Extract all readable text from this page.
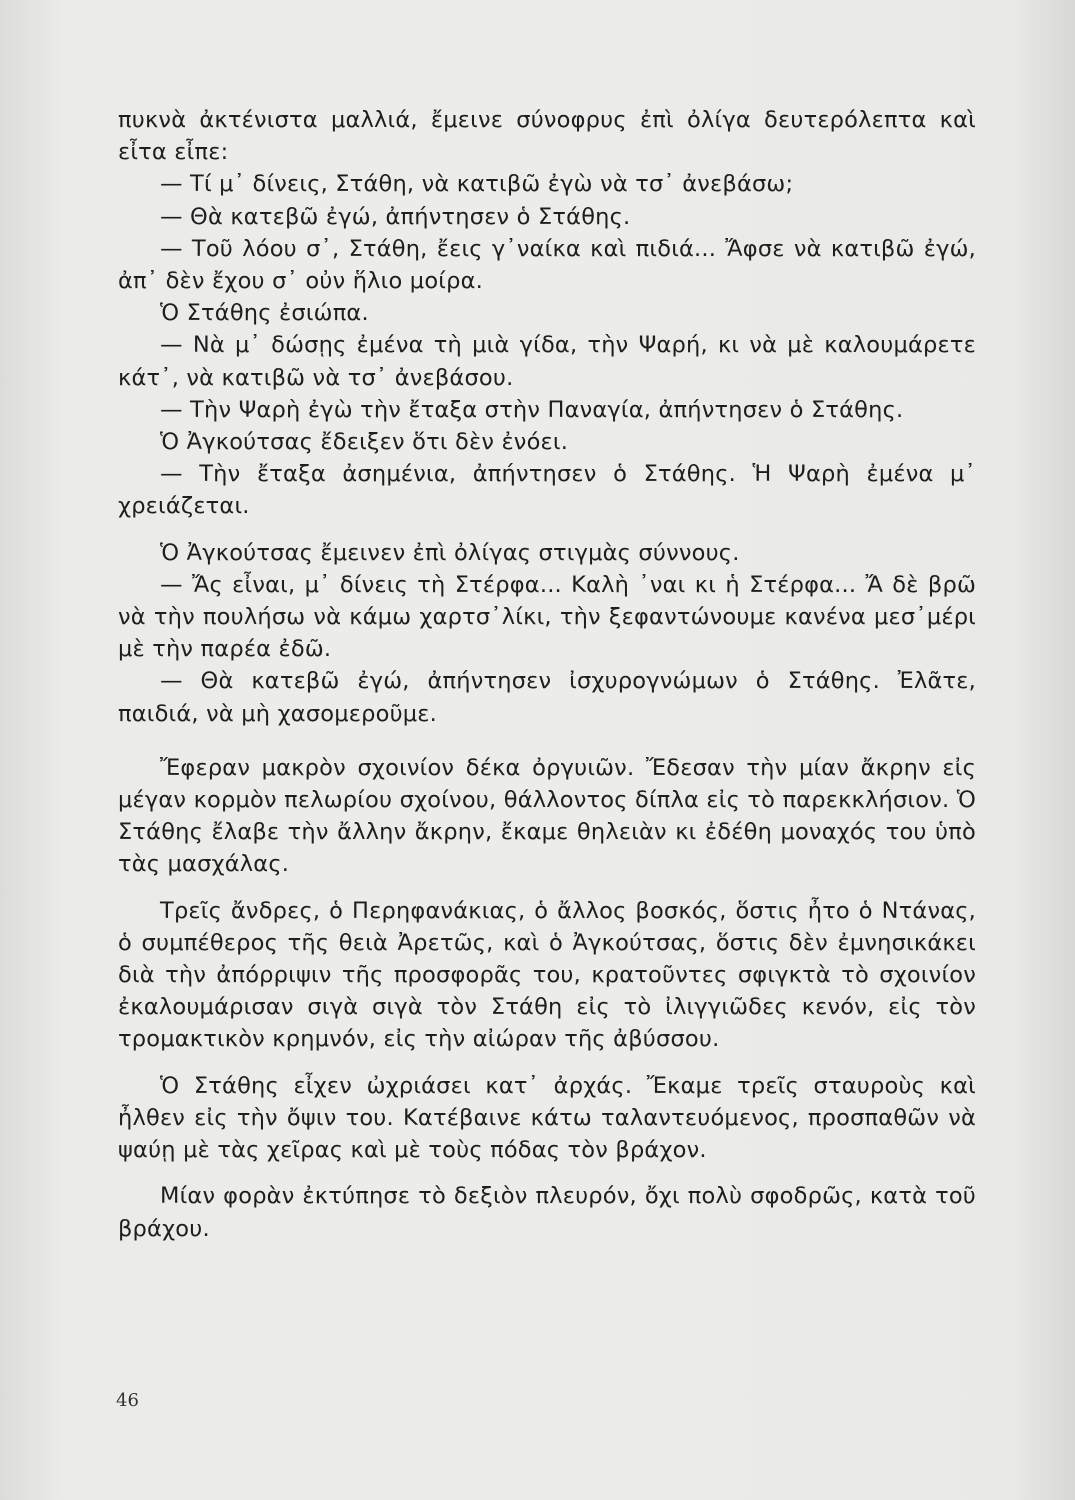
πυκνὰ ἀκτένιστα μαλλιά, ἔμεινε σύνοφρυς ἐπὶ ὀλίγα δευτερόλεπτα καὶ εἶτα εἶπε:

— Τί μ᾽ δίνεις, Στάθη, νὰ κατιβῶ ἐγὼ νὰ τσ᾽ ἀνεβάσω;

— Θὰ κατεβῶ ἐγώ, ἀπήντησεν ὁ Στάθης.

— Τοῦ λόου σ᾽, Στάθη, ἔεις γ᾽ναίκα καὶ πιδιά... Ἄφσε νὰ κατιβῶ ἐγώ, ἀπ᾽ δὲν ἔχου σ᾽ οὐν ἥλιο μοίρα.

Ὁ Στάθης ἐσιώπα.

— Νὰ μ᾽ δώσῃς ἐμένα τὴ μιὰ γίδα, τὴν Ψαρή, κι νὰ μὲ καλουμάρετε κάτ᾽, νὰ κατιβῶ νὰ τσ᾽ ἀνεβάσου.

— Τὴν Ψαρὴ ἐγὼ τὴν ἔταξα στὴν Παναγία, ἀπήντησεν ὁ Στάθης.

Ὁ Ἀγκούτσας ἔδειξεν ὅτι δὲν ἐνόει.

— Τὴν ἔταξα ἀσημένια, ἀπήντησεν ὁ Στάθης. Ἡ Ψαρὴ ἐμένα μ᾽ χρειάζεται.

Ὁ Ἀγκούτσας ἔμεινεν ἐπὶ ὀλίγας στιγμὰς σύννους.

— Ἄς εἶναι, μ᾽ δίνεις τὴ Στέρφα... Καλὴ ᾽ναι κι ἡ Στέρφα... Ἄ δὲ βρῶ νὰ τὴν πουλήσω νὰ κάμω χαρτσ᾽λίκι, τὴν ξεφαντώνουμε κανένα μεσ᾽μέρι μὲ τὴν παρέα ἐδῶ.

— Θὰ κατεβῶ ἐγώ, ἀπήντησεν ἰσχυρογνώμων ὁ Στάθης. Ἐλᾶτε, παιδιά, νὰ μὴ χασομεροῦμε.

Ἔφεραν μακρὸν σχοινίον δέκα ὀργυιῶν. Ἔδεσαν τὴν μίαν ἄκρην εἰς μέγαν κορμὸν πελωρίου σχοίνου, θάλλοντος δίπλα εἰς τὸ παρεκκλήσιον. Ὁ Στάθης ἔλαβε τὴν ἄλλην ἄκρην, ἔκαμε θηλειὰν κι ἐδέθη μοναχός του ὑπὸ τὰς μασχάλας.

Τρεῖς ἄνδρες, ὁ Περηφανάκιας, ὁ ἄλλος βοσκός, ὅστις ἦτο ὁ Ντάνας, ὁ συμπέθερος τῆς θειὰ Ἀρετῶς, καὶ ὁ Ἀγκούτσας, ὅστις δὲν ἐμνησικάκει διὰ τὴν ἀπόρριψιν τῆς προσφορᾶς του, κρατοῦντες σφιγκτὰ τὸ σχοινίον ἐκαλουμάρισαν σιγὰ σιγὰ τὸν Στάθη εἰς τὸ ἰλιγγιῶδες κενόν, εἰς τὸν τρομακτικὸν κρημνόν, εἰς τὴν αἰώραν τῆς ἀβύσσου.

Ὁ Στάθης εἶχεν ὠχριάσει κατ᾽ ἀρχάς. Ἔκαμε τρεῖς σταυροὺς καὶ ἦλθεν εἰς τὴν ὄψιν του. Κατέβαινε κάτω ταλαντευόμενος, προσπαθῶν νὰ ψαύῃ μὲ τὰς χεῖρας καὶ μὲ τοὺς πόδας τὸν βράχον.

Μίαν φορὰν ἐκτύπησε τὸ δεξιὸν πλευρόν, ὄχι πολὺ σφοδρῶς, κατὰ τοῦ βράχου.

46
